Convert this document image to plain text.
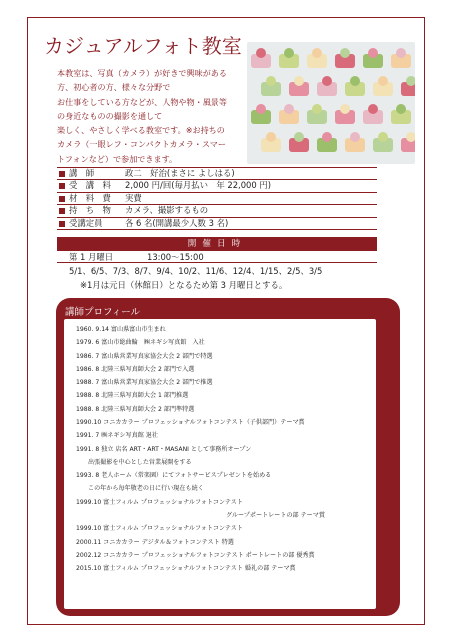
カジュアルフォト教室

本教室は、写真（カメラ）が好きで興味がある

方、初心者の方、様々な分野で

お仕事をしている方などが、人物や物・風景等

の身近なものの撮影を通して

楽しく、やさしく学べる教室です。※お持ちの

カメラ（一眼レフ・コンパクトカメラ・スマー

トフォンなど）で参加できます。

講　師	政二　好治(まさに よしはる)
受　講　料 2,000 円/回(毎月払い　年 22,000 円)
材　料　費 実費
持　ち　物 カメラ、撮影するもの
受講定員	各 6 名(開講最少人数 3 名)
開催日時
第 1 月曜日	13:00～15:00
5/1、6/5、7/3、8/7、9/4、10/2、11/6、12/4、1/15、2/5、3/5
※1月は元日（休館日）となるため第 3 月曜日とする。
講師プロフィール
1960. 9.14 富山県富山市生まれ
1979. 6 富山市総曲輪　㈱ネギシ写真館　入社
1986. 7 富山県営業写真家協会大会 2 部門で特選
1986. 8 北陸三県写真師大会 2 部門で入選
1988. 7 富山県営業写真家協会大会 2 部門で推選
1988. 8 北陸三県写真師大会 1 部門推選
1988. 8 北陸三県写真師大会 2 部門準特選
1990.10 コニカカラー プロフェッショナルフォトコンテスト（子供部門）テーマ賞
1991. 7 ㈱ネギシ写真館 退社
1991. 8 独立 店名 ART・ART・MASANI として事務所オープン
出張撮影を中心とした営業展開をする
1993. 8 老人ホーム（常楽園）にてフォトサービスプレゼントを始める
この年から毎年敬老の日に行い現在も続く
1999.10 富士フィルム プロフェッショナルフォトコンテスト
グループポートレートの部 テーマ賞
1999.10 富士フィルム プロフェッショナルフォトコンテスト
2000.11 コニカカラー デジタル＆フォトコンテスト 特選
2002.12 コニカカラー プロフェッショナルフォトコンテスト ポートレートの部 優秀賞
2015.10 富士フィルム プロフェッショナルフォトコンテスト 婚礼の部 テーマ賞
